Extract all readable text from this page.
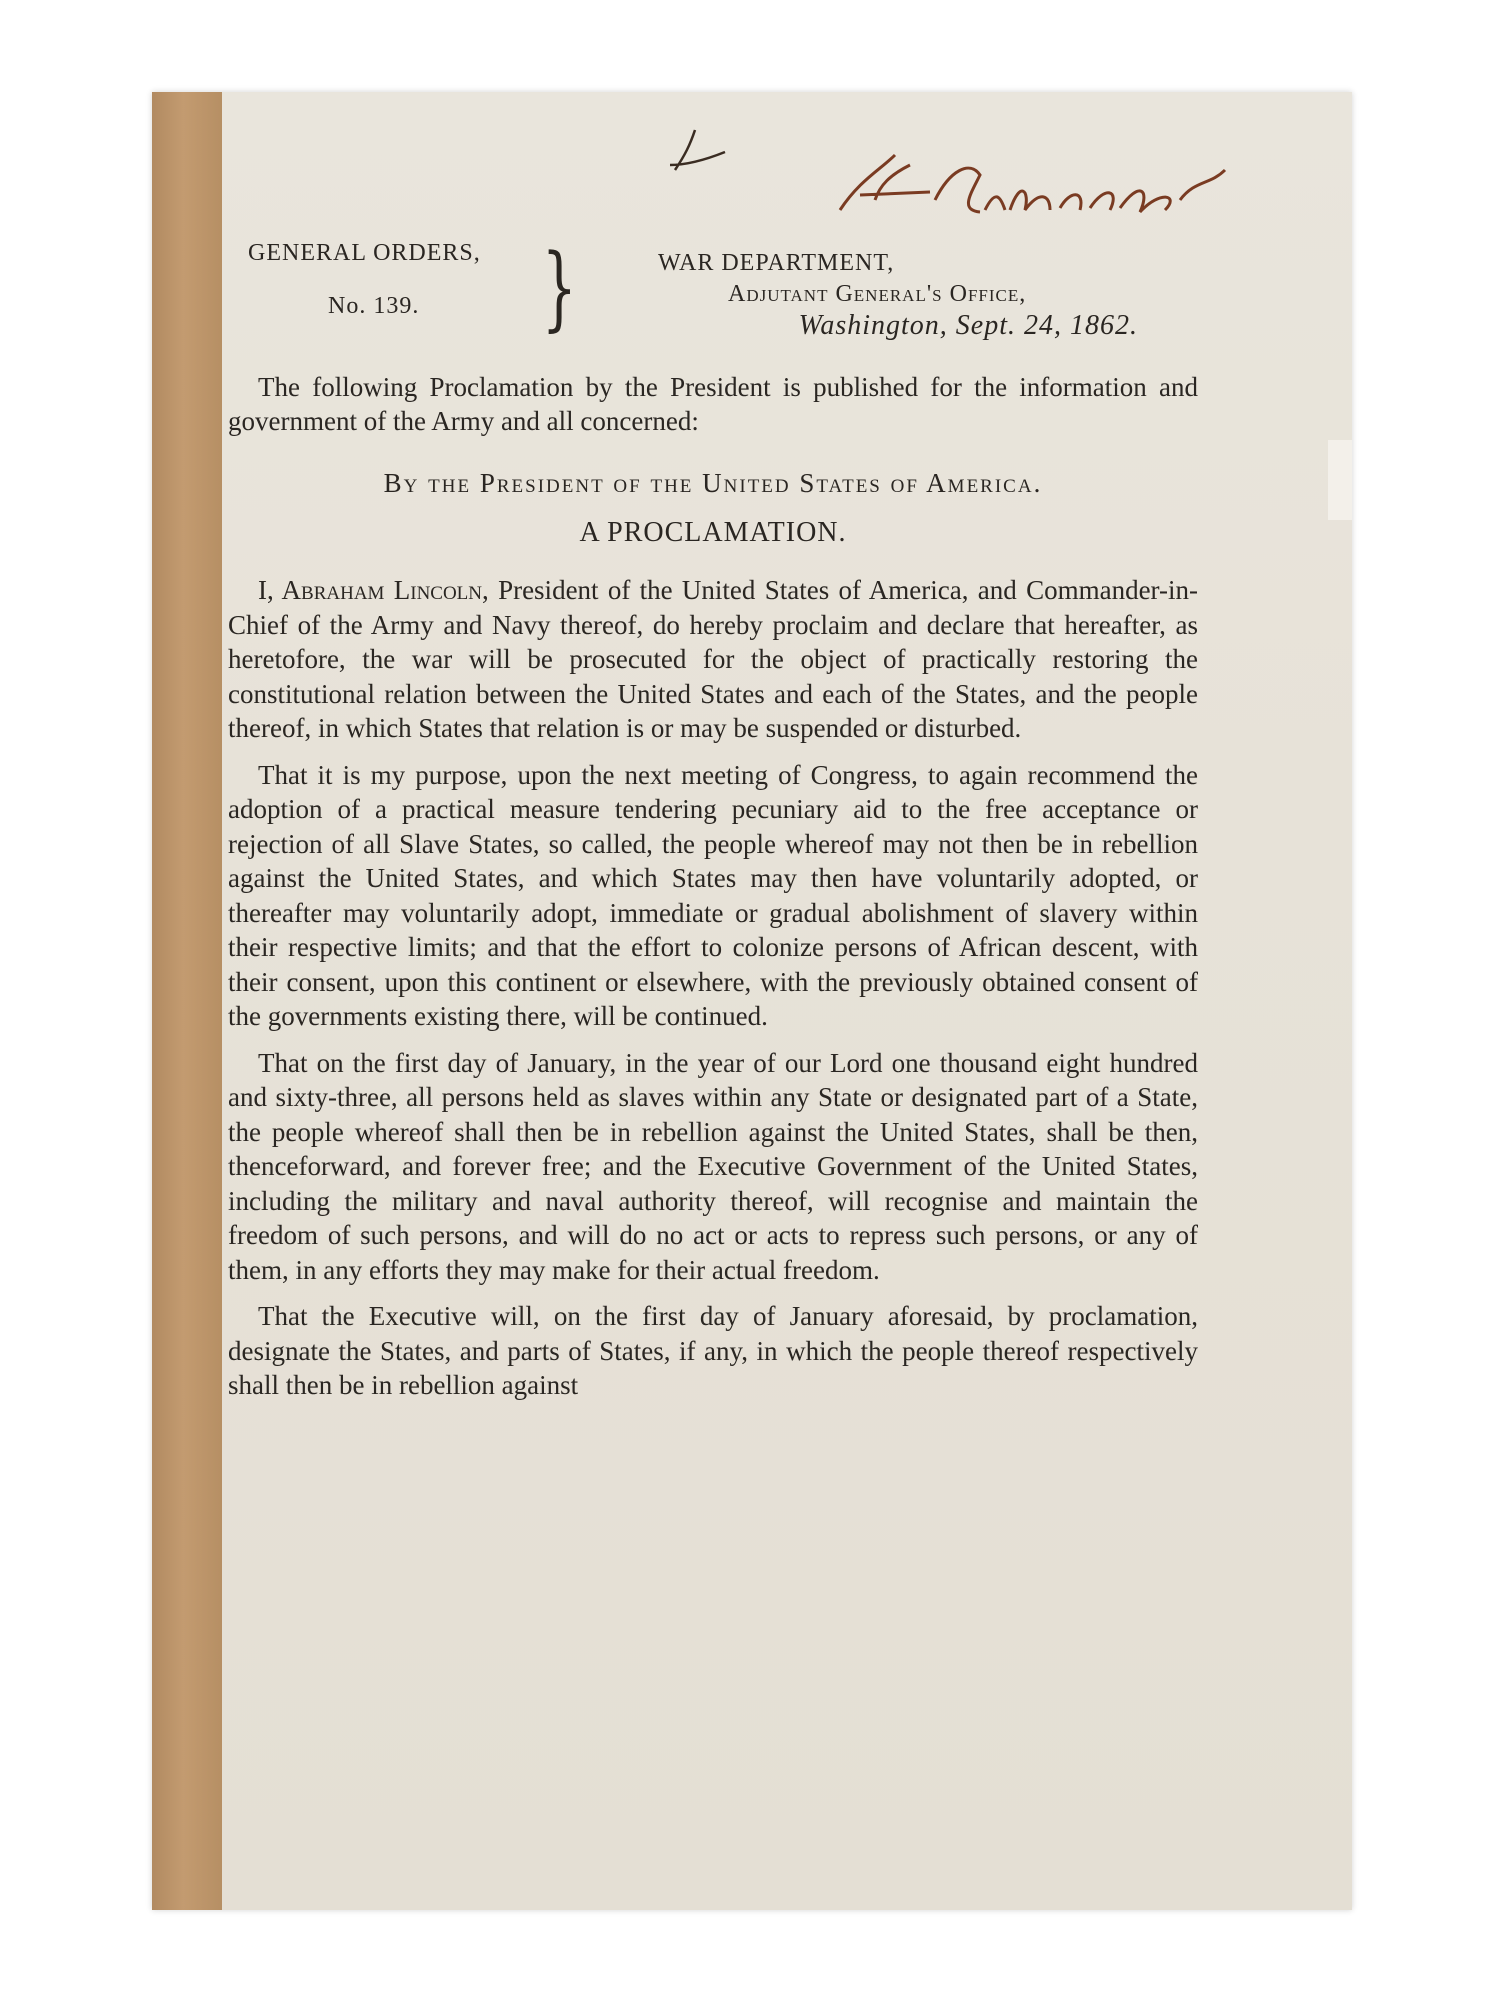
GENERAL ORDERS,
No. 139.	}	WAR DEPARTMENT,
Adjutant General's Office,
Washington, Sept. 24, 1862.

The following Proclamation by the President is published for the information and government of the Army and all concerned:

By the President of the United States of America.
A PROCLAMATION.

I, Abraham Lincoln, President of the United States of America, and Commander-in-Chief of the Army and Navy thereof, do hereby proclaim and declare that hereafter, as heretofore, the war will be prosecuted for the object of practically restoring the constitutional relation between the United States and each of the States, and the people thereof, in which States that relation is or may be suspended or disturbed.

That it is my purpose, upon the next meeting of Congress, to again recommend the adoption of a practical measure tendering pecuniary aid to the free acceptance or rejection of all Slave States, so called, the people whereof may not then be in rebellion against the United States, and which States may then have voluntarily adopted, or thereafter may voluntarily adopt, immediate or gradual abolishment of slavery within their respective limits; and that the effort to colonize persons of African descent, with their consent, upon this continent or elsewhere, with the previously obtained consent of the governments existing there, will be continued.

That on the first day of January, in the year of our Lord one thousand eight hundred and sixty-three, all persons held as slaves within any State or designated part of a State, the people whereof shall then be in rebellion against the United States, shall be then, thenceforward, and forever free; and the Executive Government of the United States, including the military and naval authority thereof, will recognise and maintain the freedom of such persons, and will do no act or acts to repress such persons, or any of them, in any efforts they may make for their actual freedom.

That the Executive will, on the first day of January aforesaid, by proclamation, designate the States, and parts of States, if any, in which the people thereof respectively shall then be in rebellion against
